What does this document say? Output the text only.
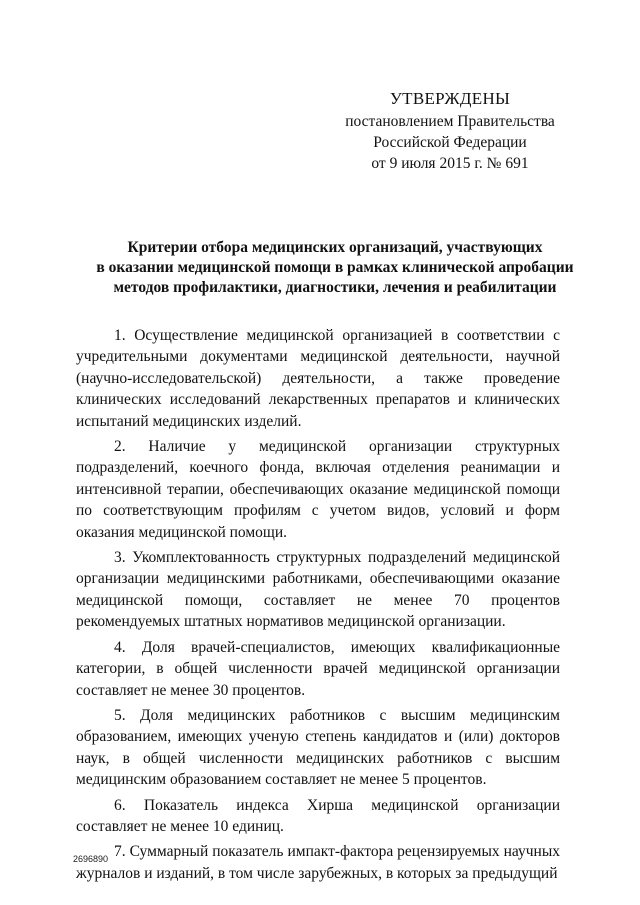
УТВЕРЖДЕНЫ
постановлением Правительства
Российской Федерации
от 9 июля 2015 г. № 691
Критерии отбора медицинских организаций, участвующих
в оказании медицинской помощи в рамках клинической апробации
методов профилактики, диагностики, лечения и реабилитации

1. Осуществление медицинской организацией в соответствии с учредительными документами медицинской деятельности, научной (научно-исследовательской) деятельности, а также проведение клинических исследований лекарственных препаратов и клинических испытаний медицинских изделий.

2. Наличие у медицинской организации структурных подразделений, коечного фонда, включая отделения реанимации и интенсивной терапии, обеспечивающих оказание медицинской помощи по соответствующим профилям с учетом видов, условий и форм оказания медицинской помощи.

3. Укомплектованность структурных подразделений медицинской организации медицинскими работниками, обеспечивающими оказание медицинской помощи, составляет не менее 70 процентов рекомендуемых штатных нормативов медицинской организации.

4. Доля врачей-специалистов, имеющих квалификационные категории, в общей численности врачей медицинской организации составляет не менее 30 процентов.

5. Доля медицинских работников с высшим медицинским образованием, имеющих ученую степень кандидатов и (или) докторов наук, в общей численности медицинских работников с высшим медицинским образованием составляет не менее 5 процентов.

6. Показатель индекса Хирша медицинской организации составляет не менее 10 единиц.

7. Суммарный показатель импакт-фактора рецензируемых научных журналов и изданий, в том числе зарубежных, в которых за предыдущий

2696890
